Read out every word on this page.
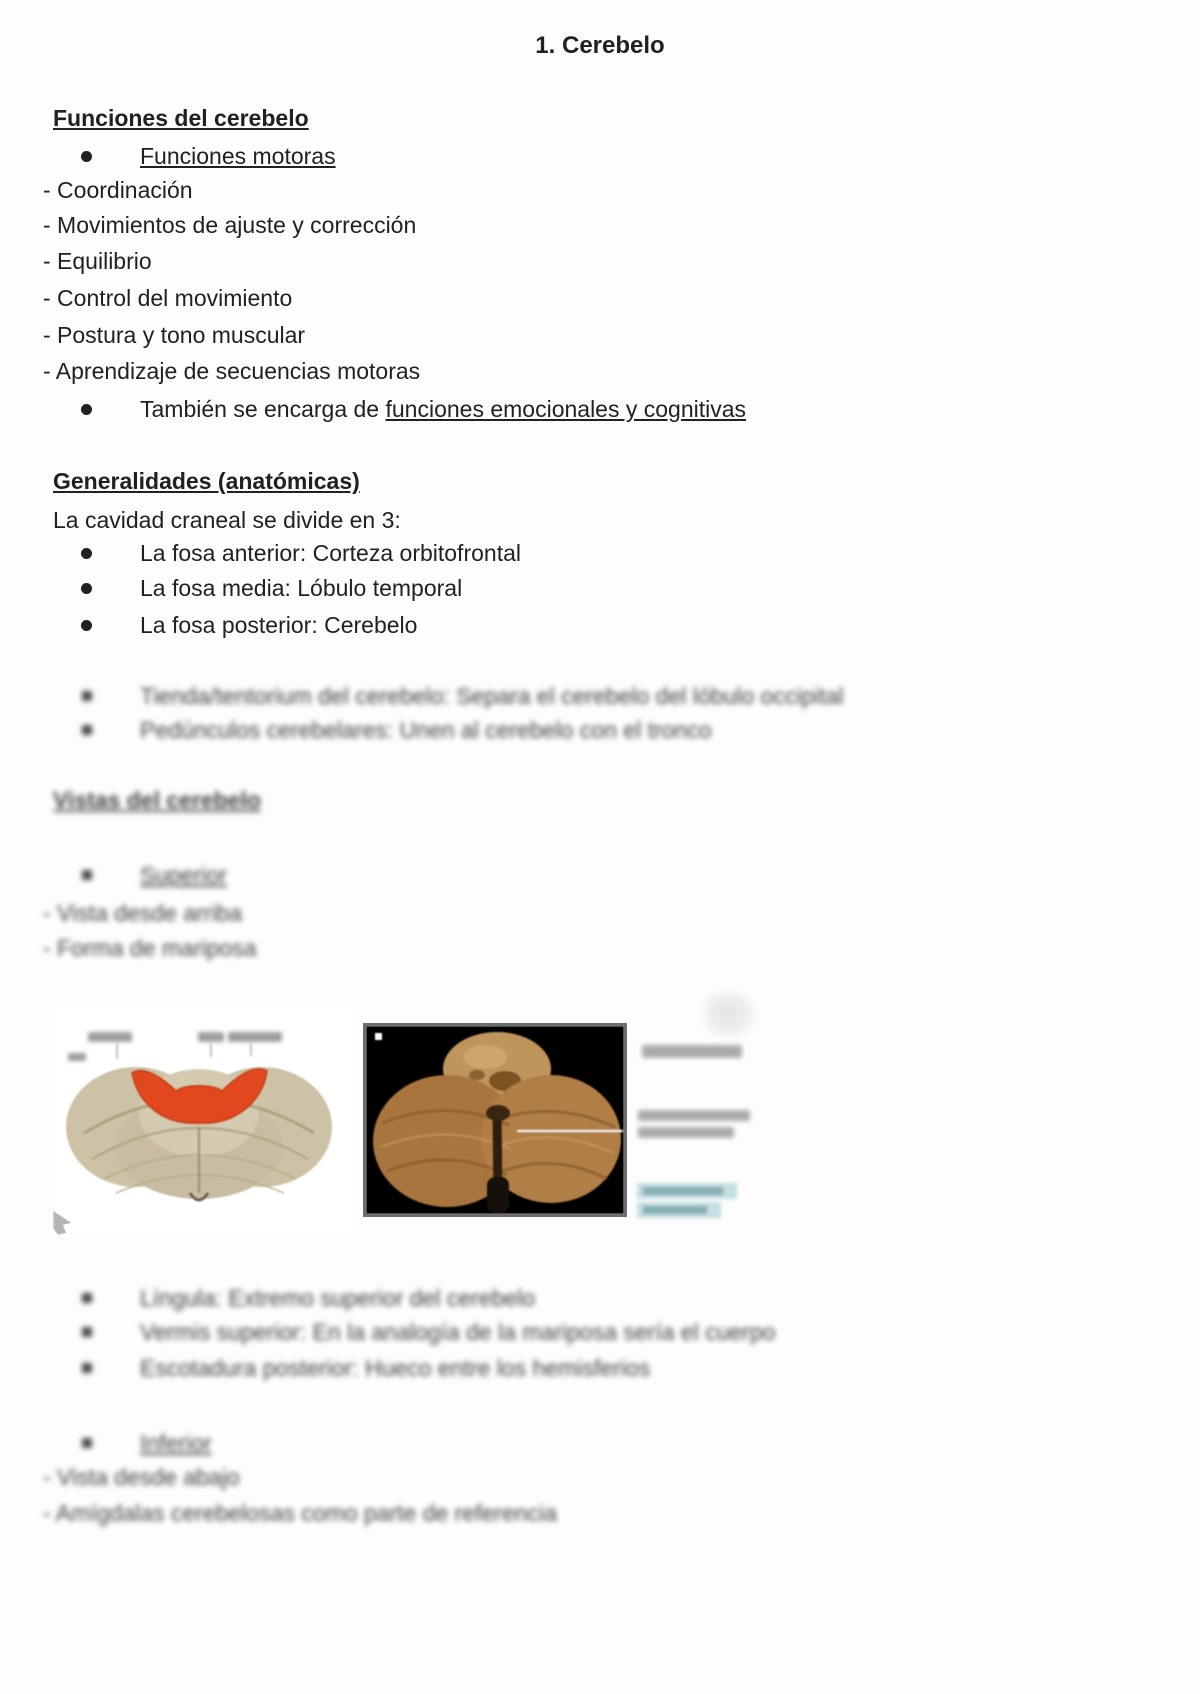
1. Cerebelo
Funciones del cerebelo
Funciones motoras
- Coordinación
- Movimientos de ajuste y corrección
- Equilibrio
- Control del movimiento
- Postura y tono muscular
- Aprendizaje de secuencias motoras
También se encarga de funciones emocionales y cognitivas
Generalidades (anatómicas)
La cavidad craneal se divide en 3:
La fosa anterior: Corteza orbitofrontal
La fosa media: Lóbulo temporal
La fosa posterior: Cerebelo
Tienda/tentorium del cerebelo: Separa el cerebelo del lóbulo occipital
Pedúnculos cerebelares: Unen al cerebelo con el tronco
Vistas del cerebelo
Superior
- Vista desde arriba
- Forma de mariposa
Língula: Extremo superior del cerebelo
Vermis superior: En la analogía de la mariposa sería el cuerpo
Escotadura posterior: Hueco entre los hemisferios
Inferior
- Vista desde abajo
- Amígdalas cerebelosas como parte de referencia
